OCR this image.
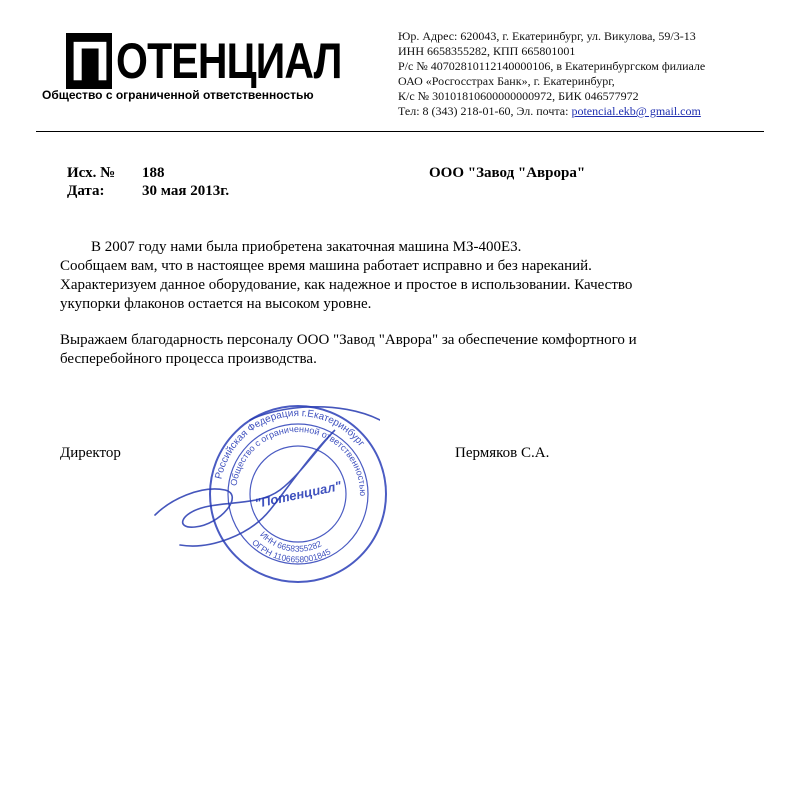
П ОТЕНЦИАЛ
Общество с ограниченной ответственностью
Юр. Адрес: 620043, г. Екатеринбург, ул. Викулова, 59/3-13
ИНН 6658355282, КПП 665801001
Р/с № 40702810112140000106, в Екатеринбургском филиале
ОАО «Росгосстрах Банк», г. Екатеринбург,
К/с № 30101810600000000972, БИК 046577972
Тел: 8 (343) 218-01-60, Эл. почта: potencial.ekb@ gmail.com
Исх. № 188
Дата:	30 мая 2013г.
ООО "Завод "Аврора"
В 2007 году нами была приобретена закаточная машина МЗ-400Е3.
Сообщаем вам, что в настоящее время машина работает исправно и без нареканий.
Характеризуем данное оборудование, как надежное и простое в использовании. Качество
укупорки флаконов остается на высоком уровне.
Выражаем благодарность персоналу ООО "Завод "Аврора" за обеспечение комфортного и
бесперебойного процесса производства.
Директор	Пермяков С.А.
Российская Федерация г.Екатеринбург
Общество с ограниченной ответственностью
ИНН 6658355282
ОГРН 1106658001845
"Потенциал"
